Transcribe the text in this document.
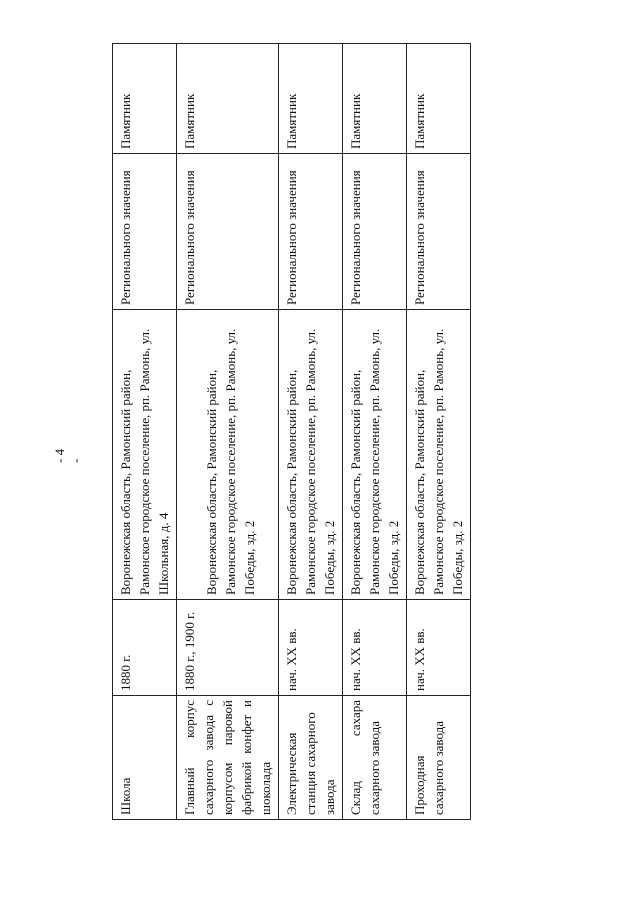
- 4 -
Школа	1880 г.	Воронежская область, Рамонский район, Рамонское городское поселение, рп. Рамонь, ул. Школьная, д. 4	Регионального значения	Памятник
Главный корпус сахарного завода с корпусом паровой фабрикой конфет и шоколада	1880 г., 1900 г.	Воронежская область, Рамонский район, Рамонское городское поселение, рп. Рамонь, ул. Победы, зд. 2	Регионального значения	Памятник
Электрическая станция сахарного завода	нач. XX вв.	Воронежская область, Рамонский район, Рамонское городское поселение, рп. Рамонь, ул. Победы, зд. 2	Регионального значения	Памятник
Склад сахара сахарного завода	нач. XX вв.	Воронежская область, Рамонский район, Рамонское городское поселение, рп. Рамонь, ул. Победы, зд. 2	Регионального значения	Памятник
Проходная сахарного завода	нач. XX вв.	Воронежская область, Рамонский район, Рамонское городское поселение, рп. Рамонь, ул. Победы, зд. 2	Регионального значения	Памятник
